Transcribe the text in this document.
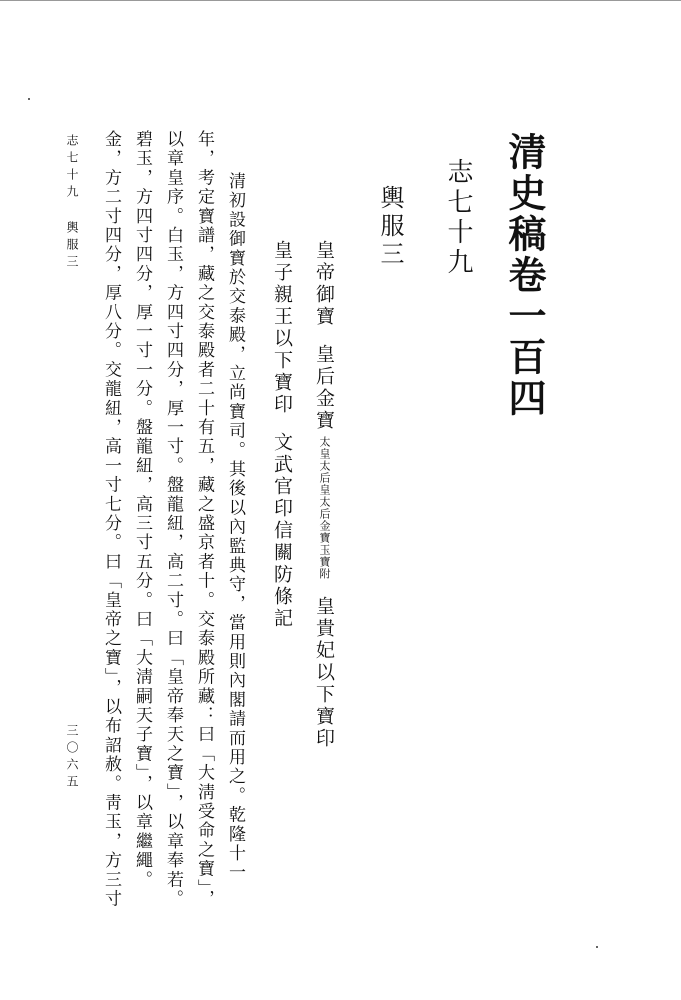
清史稿卷一百四
志七十九
輿服三
皇帝御寶皇后金寶太皇太后皇太后金寶玉寶附皇貴妃以下寶印
皇子親王以下寶印文武官印信關防條記
清初設御寶於交泰殿，立尚寶司。其後以內監典守，當用則內閣請而用之。乾隆十一
年，考定寶譜，藏之交泰殿者二十有五，藏之盛京者十。交泰殿所藏：曰「大淸受命之寶」，
以章皇序。白玉，方四寸四分，厚一寸。盤龍紐，高二寸。曰「皇帝奉天之寶」，以章奉若。
碧玉，方四寸四分，厚一寸一分。盤龍紐，高三寸五分。曰「大淸嗣天子寶」，以章繼繩。
金，方二寸四分，厚八分。交龍紐，高一寸七分。曰「皇帝之寶」，以布詔赦。靑玉，方三寸
志七十九 輿服三
三〇六五
